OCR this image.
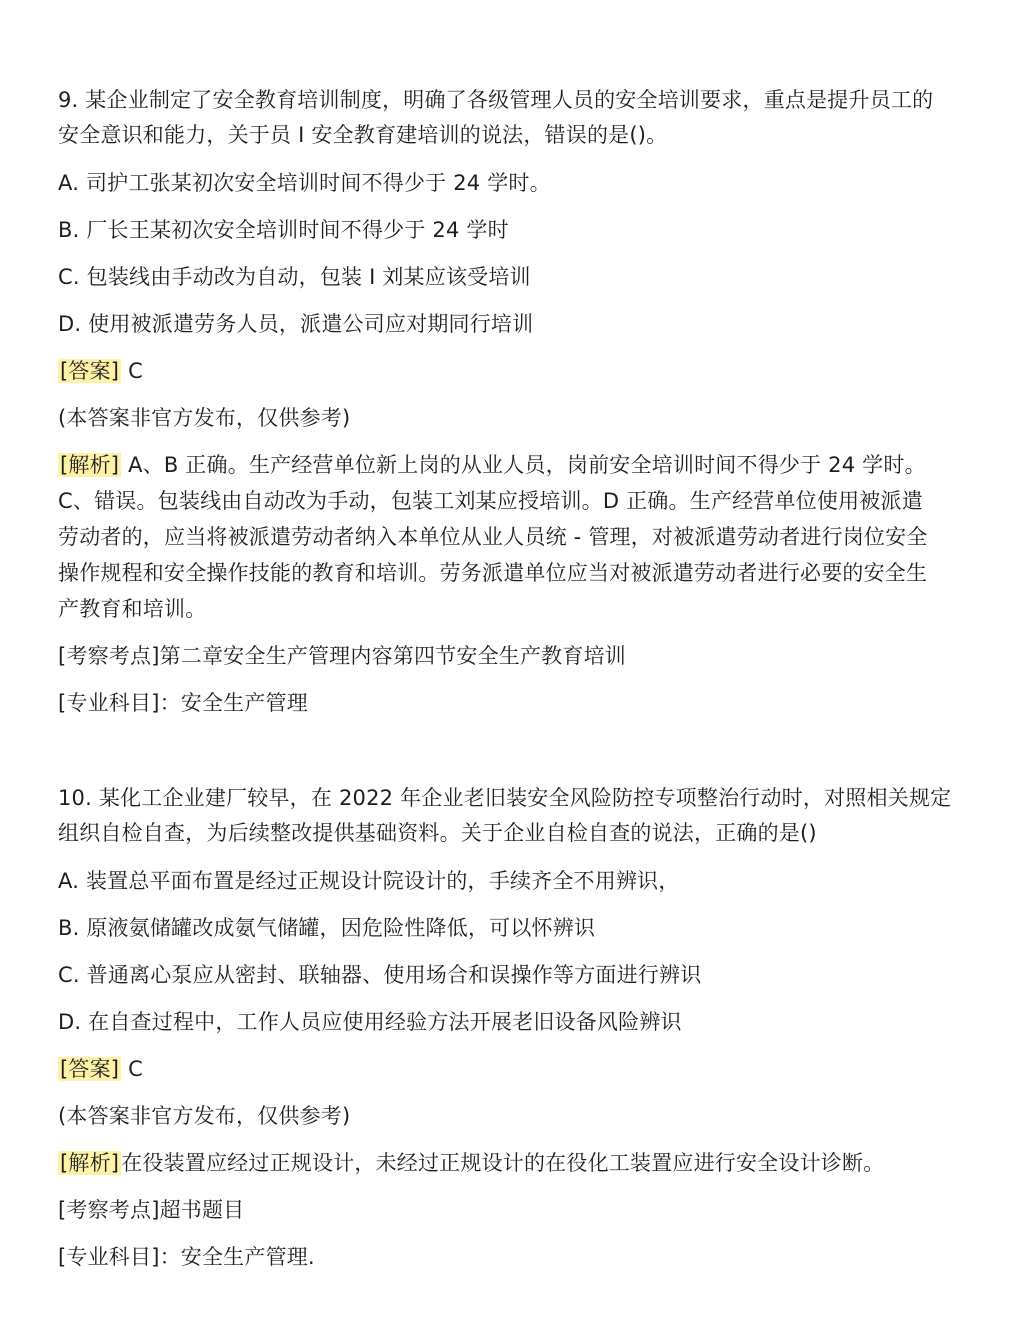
9. 某企业制定了安全教育培训制度，明确了各级管理人员的安全培训要求，重点是提升员工的
安全意识和能力，关于员 I 安全教育建培训的说法，错误的是()。
A. 司护工张某初次安全培训时间不得少于 24 学时。
B. 厂长王某初次安全培训时间不得少于 24 学时
C. 包装线由手动改为自动，包装 I 刘某应该受培训
D. 使用被派遣劳务人员，派遣公司应对期同行培训
[答案] C
(本答案非官方发布，仅供参考)
[解析] A、B 正确。生产经营单位新上岗的从业人员，岗前安全培训时间不得少于 24 学时。
C、错误。包装线由自动改为手动，包装工刘某应授培训。D 正确。生产经营单位使用被派遣
劳动者的，应当将被派遣劳动者纳入本单位从业人员统 - 管理，对被派遣劳动者进行岗位安全
操作规程和安全操作技能的教育和培训。劳务派遣单位应当对被派遣劳动者进行必要的安全生
产教育和培训。
[考察考点]第二章安全生产管理内容第四节安全生产教育培训
[专业科目]：安全生产管理
10. 某化工企业建厂较早，在 2022 年企业老旧装安全风险防控专项整治行动时，对照相关规定
组织自检自查，为后续整改提供基础资料。关于企业自检自查的说法，正确的是()
A. 装置总平面布置是经过正规设计院设计的，手续齐全不用辨识，
B. 原液氨储罐改成氨气储罐，因危险性降低，可以怀辨识
C. 普通离心泵应从密封、联轴器、使用场合和误操作等方面进行辨识
D. 在自查过程中，工作人员应使用经验方法开展老旧设备风险辨识
[答案] C
(本答案非官方发布，仅供参考)
[解析]在役装置应经过正规设计，未经过正规设计的在役化工装置应进行安全设计诊断。
[考察考点]超书题目
[专业科目]：安全生产管理.
